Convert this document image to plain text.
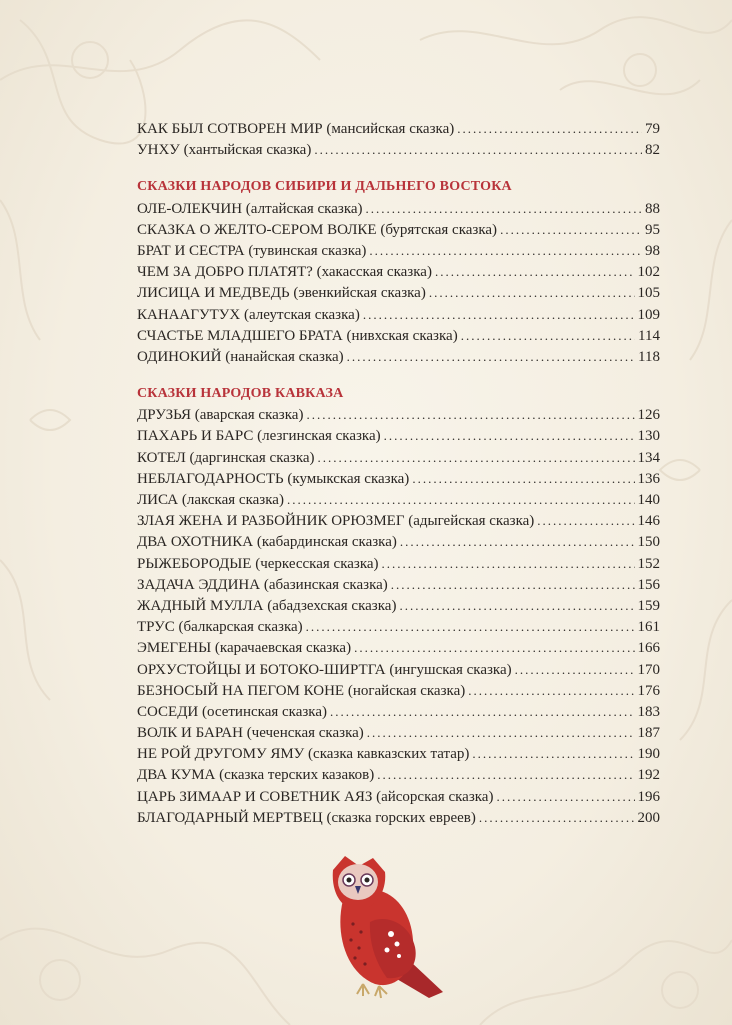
КАК БЫЛ СОТВОРЕН МИР (мансийская сказка) .....	79
УНХУ (хантыйская сказка) .....	82
СКАЗКИ НАРОДОВ СИБИРИ И ДАЛЬНЕГО ВОСТОКА
ОЛЕ-ОЛЕКЧИН (алтайская сказка) .....	88
СКАЗКА О ЖЕЛТО-СЕРОМ ВОЛКЕ (бурятская сказка) .....	95
БРАТ И СЕСТРА (тувинская сказка) .....	98
ЧЕМ ЗА ДОБРО ПЛАТЯТ? (хакасская сказка) .....	102
ЛИСИЦА И МЕДВЕДЬ (эвенкийская сказка) .....	105
КАНААГУТУХ (алеутская сказка) .....	109
СЧАСТЬЕ МЛАДШЕГО БРАТА (нивхская сказка) .....	114
ОДИНОКИЙ (нанайская сказка) .....	118
СКАЗКИ НАРОДОВ КАВКАЗА
ДРУЗЬЯ (аварская сказка) .....	126
ПАХАРЬ И БАРС (лезгинская сказка) .....	130
КОТЕЛ (даргинская сказка) .....	134
НЕБЛАГОДАРНОСТЬ (кумыкская сказка) .....	136
ЛИСА (лакская сказка) .....	140
ЗЛАЯ ЖЕНА И РАЗБОЙНИК ОРЮЗМЕГ (адыгейская сказка) .....	146
ДВА ОХОТНИКА (кабардинская сказка) .....	150
РЫЖЕБОРОДЫЕ (черкесская сказка) .....	152
ЗАДАЧА ЭДДИНА (абазинская сказка) .....	156
ЖАДНЫЙ МУЛЛА (абадзехская сказка) .....	159
ТРУС (балкарская сказка) .....	161
ЭМЕГЕНЫ (карачаевская сказка) .....	166
ОРХУСТОЙЦЫ И БОТОКО-ШИРТГА (ингушская сказка) .....	170
БЕЗНОСЫЙ НА ПЕГОМ КОНЕ (ногайская сказка) .....	176
СОСЕДИ (осетинская сказка) .....	183
ВОЛК И БАРАН (чеченская сказка) .....	187
НЕ РОЙ ДРУГОМУ ЯМУ (сказка кавказских татар) .....	190
ДВА КУМА (сказка терских казаков) .....	192
ЦАРЬ ЗИМААР И СОВЕТНИК АЯЗ (айсорская сказка) .....	196
БЛАГОДАРНЫЙ МЕРТВЕЦ (сказка горских евреев) .....	200
